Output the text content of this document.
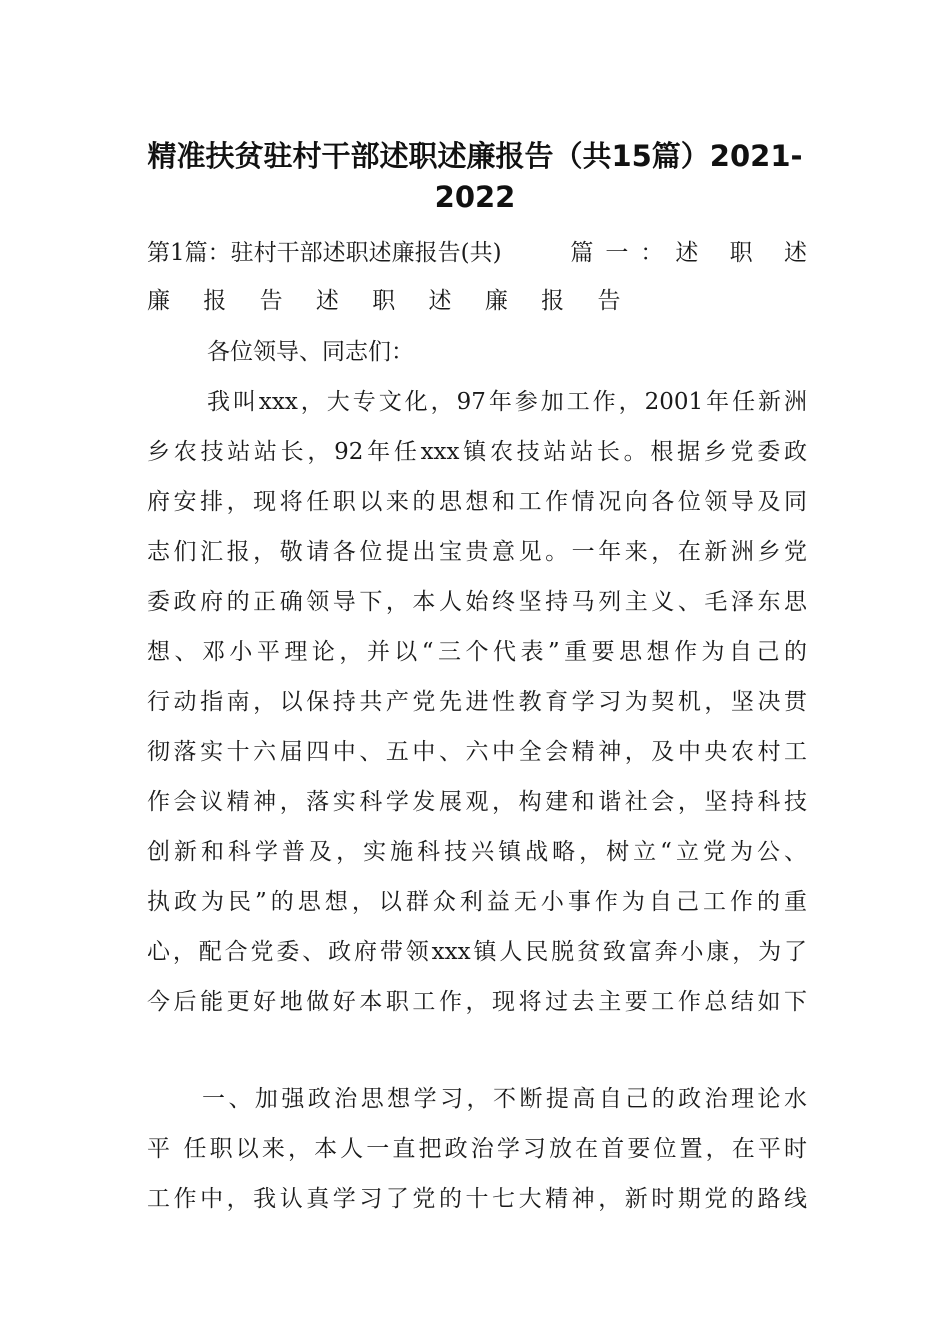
精准扶贫驻村干部述职述廉报告（共15篇）2021-
2022
第1篇：驻村干部述职述廉报告(共)	篇一：述 职 述

廉 报 告 述 职 述 廉 报 告

各位领导、同志们：

我叫xxx，大专文化，97年参加工作，2001年任新洲

乡农技站站长，92年任xxx镇农技站站长。根据乡党委政

府安排，现将任职以来的思想和工作情况向各位领导及同

志们汇报，敬请各位提出宝贵意见。一年来，在新洲乡党

委政府的正确领导下，本人始终坚持马列主义、毛泽东思

想、邓小平理论，并以“三个代表”重要思想作为自己的

行动指南，以保持共产党先进性教育学习为契机，坚决贯

彻落实十六届四中、五中、六中全会精神，及中央农村工

作会议精神，落实科学发展观，构建和谐社会，坚持科技

创新和科学普及，实施科技兴镇战略，树立“立党为公、

执政为民”的思想，以群众利益无小事作为自己工作的重

心，配合党委、政府带领xxx镇人民脱贫致富奔小康，为了

今后能更好地做好本职工作，现将过去主要工作总结如下

一、加强政治思想学习，不断提高自己的政治理论水

平 任职以来，本人一直把政治学习放在首要位置，在平时

工作中，我认真学习了党的十七大精神，新时期党的路线
